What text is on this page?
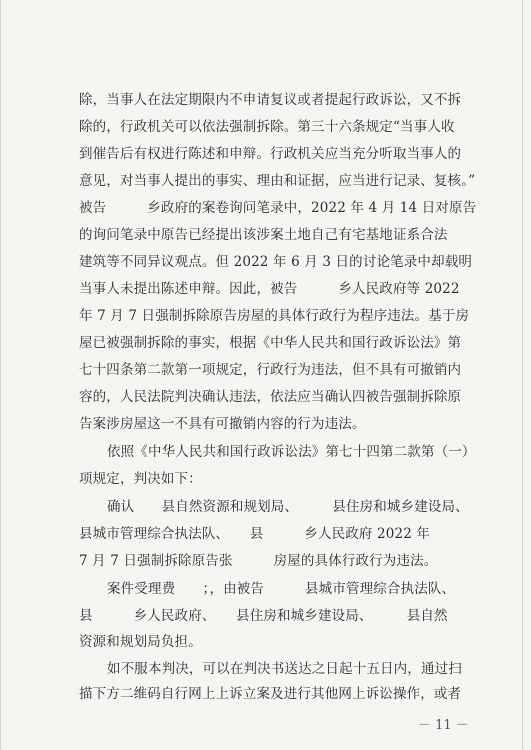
除，当事人在法定期限内不申请复议或者提起行政诉讼，又不拆
除的，行政机关可以依法强制拆除。第三十六条规定“当事人收
到催告后有权进行陈述和申辩。行政机关应当充分听取当事人的
意见，对当事人提出的事实、理由和证据，应当进行记录、复核。”
被告　　　乡政府的案卷询问笔录中，2022 年 4 月 14 日对原告
的询问笔录中原告已经提出该涉案土地自己有宅基地证系合法
建筑等不同异议观点。但 2022 年 6 月 3 日的讨论笔录中却载明
当事人未提出陈述申辩。因此，被告　　　乡人民政府等 2022
年 7 月 7 日强制拆除原告房屋的具体行政行为程序违法。基于房
屋已被强制拆除的事实，根据《中华人民共和国行政诉讼法》第
七十四条第二款第一项规定，行政行为违法，但不具有可撤销内
容的，人民法院判决确认违法，依法应当确认四被告强制拆除原
告案涉房屋这一不具有可撤销内容的行为违法。
依照《中华人民共和国行政诉讼法》第七十四第二款第（一）
项规定，判决如下：
确认　　县自然资源和规划局、　　　县住房和城乡建设局、
县城市管理综合执法队、　　县　　　乡人民政府 2022 年
7 月 7 日强制拆除原告张　　　房屋的具体行政行为违法。
案件受理费　　；，由被告　　　县城市管理综合执法队、
县　　　乡人民政府、　　县住房和城乡建设局、　　　县自然
资源和规划局负担。
－ 11 －
如不服本判决，可以在判决书送达之日起十五日内，通过扫
描下方二维码自行网上上诉立案及进行其他网上诉讼操作，或者
